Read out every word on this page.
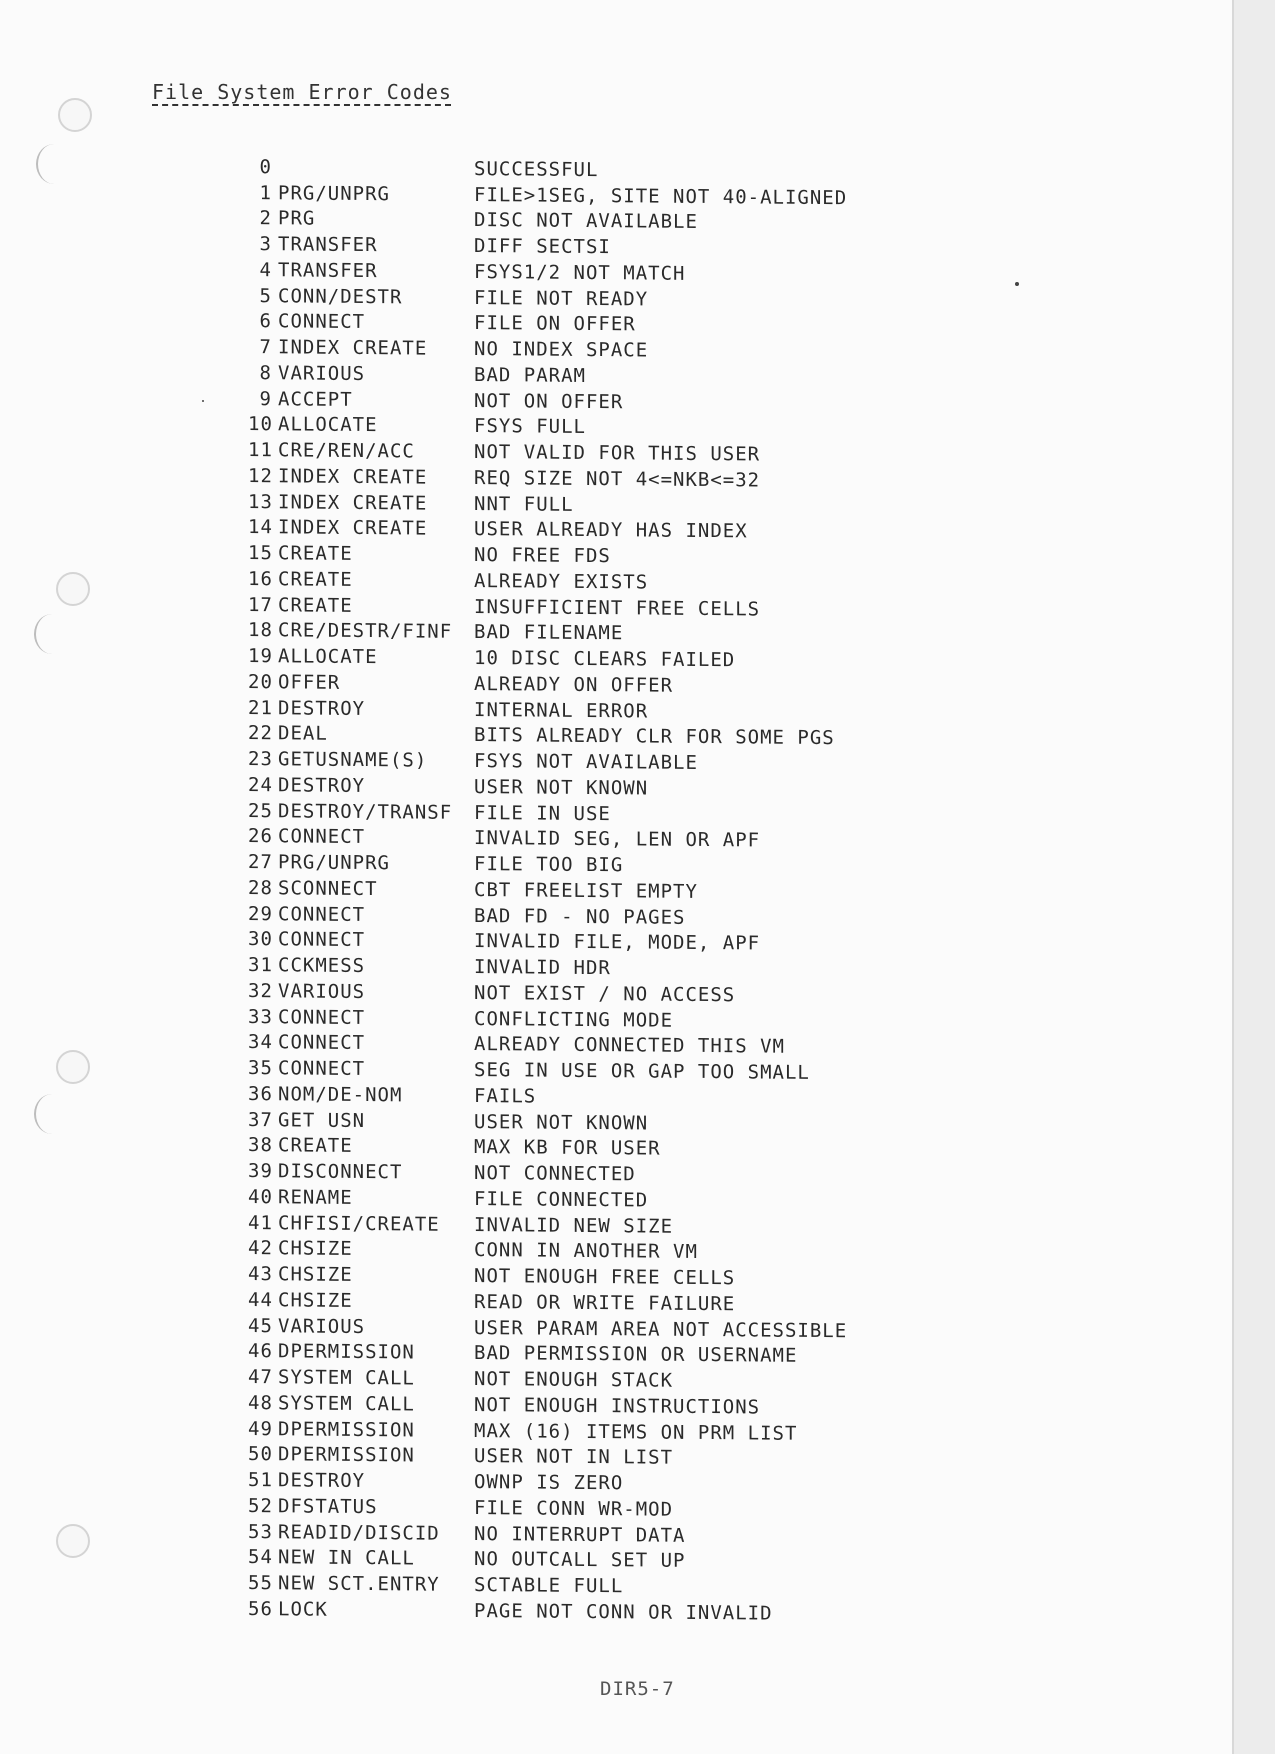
File System Error Codes
0	SUCCESSFUL
1 PRG/UNPRG	FILE>1SEG, SITE NOT 40-ALIGNED
2 PRG	DISC NOT AVAILABLE
3 TRANSFER	DIFF SECTSI
4 TRANSFER	FSYS1/2 NOT MATCH
5 CONN/DESTR	FILE NOT READY
6 CONNECT	FILE ON OFFER
7 INDEX CREATE	NO INDEX SPACE
8 VARIOUS	BAD PARAM
9 ACCEPT	NOT ON OFFER
10 ALLOCATE	FSYS FULL
11 CRE/REN/ACC	NOT VALID FOR THIS USER
12 INDEX CREATE	REQ SIZE NOT 4<=NKB<=32
13 INDEX CREATE	NNT FULL
14 INDEX CREATE	USER ALREADY HAS INDEX
15 CREATE	NO FREE FDS
16 CREATE	ALREADY EXISTS
17 CREATE	INSUFFICIENT FREE CELLS
18 CRE/DESTR/FINF	BAD FILENAME
19 ALLOCATE	10 DISC CLEARS FAILED
20 OFFER	ALREADY ON OFFER
21 DESTROY	INTERNAL ERROR
22 DEAL	BITS ALREADY CLR FOR SOME PGS
23 GETUSNAME(S)	FSYS NOT AVAILABLE
24 DESTROY	USER NOT KNOWN
25 DESTROY/TRANSF	FILE IN USE
26 CONNECT	INVALID SEG, LEN OR APF
27 PRG/UNPRG	FILE TOO BIG
28 SCONNECT	CBT FREELIST EMPTY
29 CONNECT	BAD FD - NO PAGES
30 CONNECT	INVALID FILE, MODE, APF
31 CCKMESS	INVALID HDR
32 VARIOUS	NOT EXIST / NO ACCESS
33 CONNECT	CONFLICTING MODE
34 CONNECT	ALREADY CONNECTED THIS VM
35 CONNECT	SEG IN USE OR GAP TOO SMALL
36 NOM/DE-NOM	FAILS
37 GET USN	USER NOT KNOWN
38 CREATE	MAX KB FOR USER
39 DISCONNECT	NOT CONNECTED
40 RENAME	FILE CONNECTED
41 CHFISI/CREATE	INVALID NEW SIZE
42 CHSIZE	CONN IN ANOTHER VM
43 CHSIZE	NOT ENOUGH FREE CELLS
44 CHSIZE	READ OR WRITE FAILURE
45 VARIOUS	USER PARAM AREA NOT ACCESSIBLE
46 DPERMISSION	BAD PERMISSION OR USERNAME
47 SYSTEM CALL	NOT ENOUGH STACK
48 SYSTEM CALL	NOT ENOUGH INSTRUCTIONS
49 DPERMISSION	MAX (16) ITEMS ON PRM LIST
50 DPERMISSION	USER NOT IN LIST
51 DESTROY	OWNP IS ZERO
52 DFSTATUS	FILE CONN WR-MOD
53 READID/DISCID	NO INTERRUPT DATA
54 NEW IN CALL	NO OUTCALL SET UP
55 NEW SCT.ENTRY	SCTABLE FULL
56 LOCK	PAGE NOT CONN OR INVALID
DIR5-7
